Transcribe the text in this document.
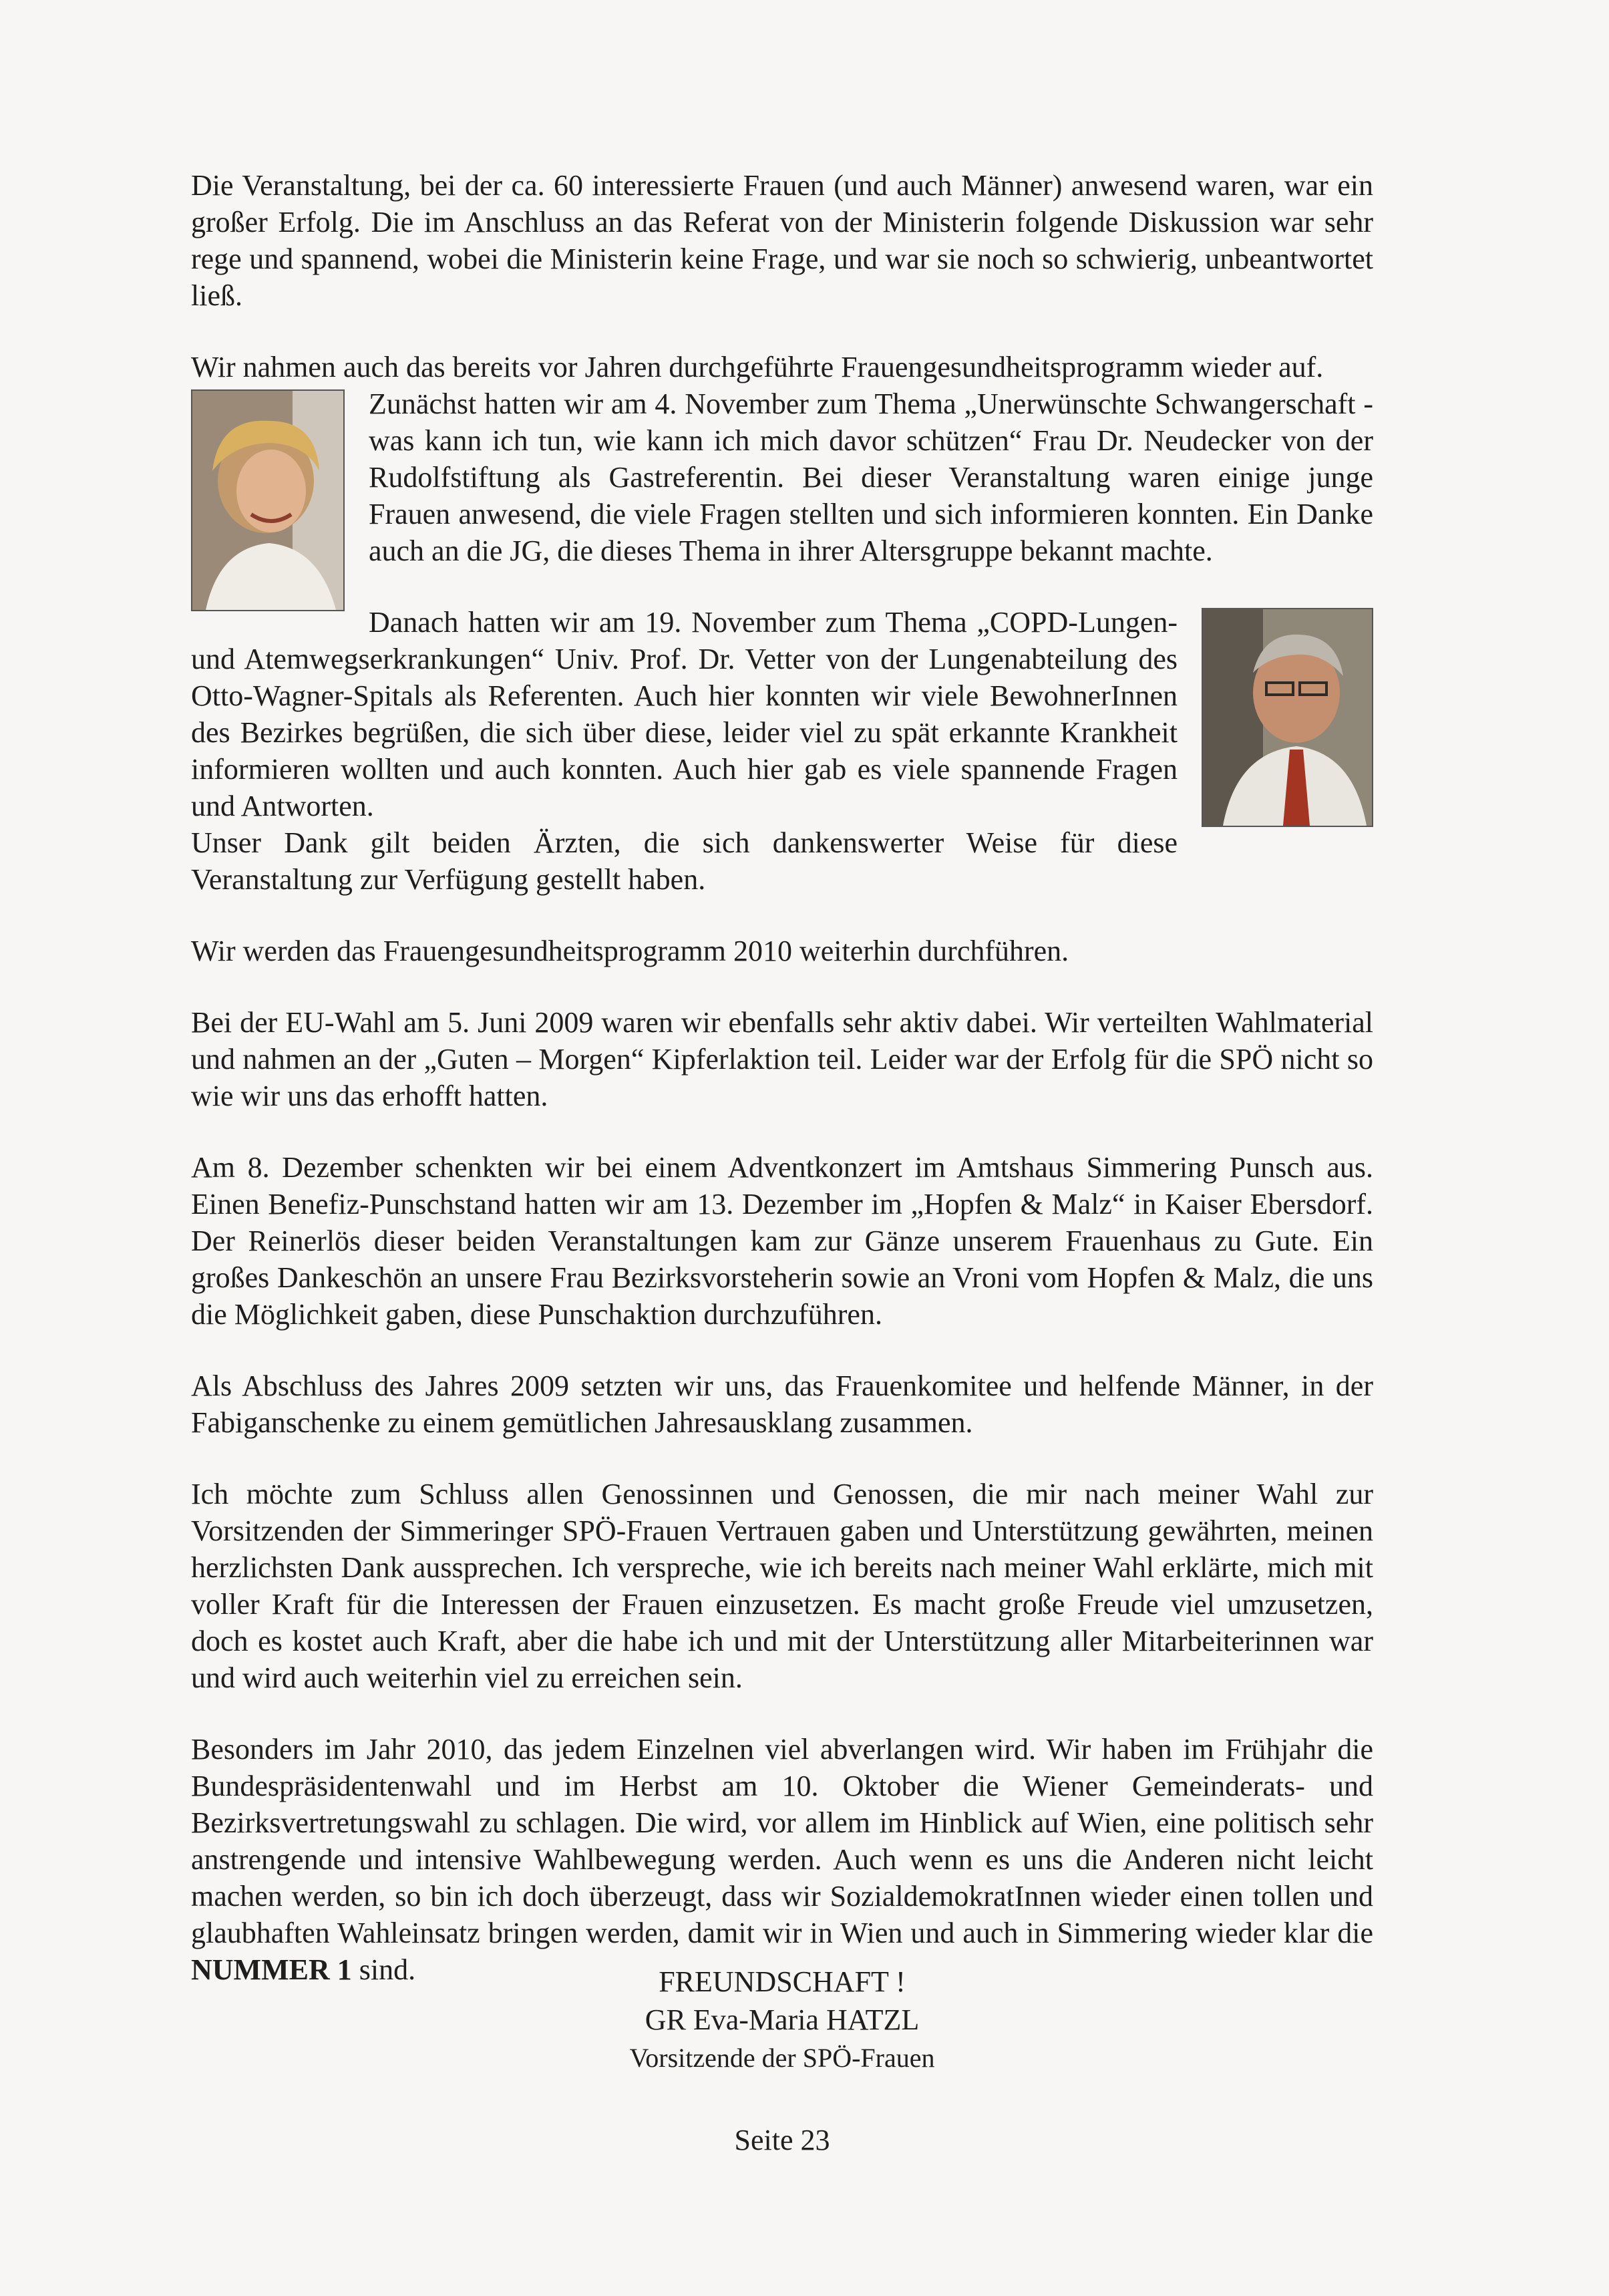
Die Veranstaltung, bei der ca. 60 interessierte Frauen (und auch Männer) anwesend waren, war ein großer Erfolg. Die im Anschluss an das Referat von der Ministerin folgende Diskussion war sehr rege und spannend, wobei die Ministerin keine Frage, und war sie noch so schwierig, unbeantwortet ließ.

Wir nahmen auch das bereits vor Jahren durchgeführte Frauengesundheitsprogramm wieder auf.

Zunächst hatten wir am 4. November zum Thema „Unerwünschte Schwangerschaft - was kann ich tun, wie kann ich mich davor schützen“ Frau Dr. Neudecker von der Rudolfstiftung als Gastreferentin. Bei dieser Veranstaltung waren einige junge Frauen anwesend, die viele Fragen stellten und sich informieren konnten. Ein Danke auch an die JG, die dieses Thema in ihrer Altersgruppe bekannt machte.

Danach hatten wir am 19. November zum Thema „COPD-Lungen- und Atemwegserkrankungen“ Univ. Prof. Dr. Vetter von der Lungenabteilung des Otto-Wagner-Spitals als Referenten. Auch hier konnten wir viele BewohnerInnen des Bezirkes begrüßen, die sich über diese, leider viel zu spät erkannte Krankheit informieren wollten und auch konnten. Auch hier gab es viele spannende Fragen und Antworten.

Unser Dank gilt beiden Ärzten, die sich dankenswerter Weise für diese Veranstaltung zur Verfügung gestellt haben.

Wir werden das Frauengesundheitsprogramm 2010 weiterhin durchführen.

Bei der EU-Wahl am 5. Juni 2009 waren wir ebenfalls sehr aktiv dabei. Wir verteilten Wahlmaterial und nahmen an der „Guten – Morgen“ Kipferlaktion teil. Leider war der Erfolg für die SPÖ nicht so wie wir uns das erhofft hatten.

Am 8. Dezember schenkten wir bei einem Adventkonzert im Amtshaus Simmering Punsch aus. Einen Benefiz-Punschstand hatten wir am 13. Dezember im „Hopfen & Malz“ in Kaiser Ebersdorf. Der Reinerlös dieser beiden Veranstaltungen kam zur Gänze unserem Frauenhaus zu Gute. Ein großes Dankeschön an unsere Frau Bezirksvorsteherin sowie an Vroni vom Hopfen & Malz, die uns die Möglichkeit gaben, diese Punschaktion durchzuführen.

Als Abschluss des Jahres 2009 setzten wir uns, das Frauenkomitee und helfende Männer, in der Fabiganschenke zu einem gemütlichen Jahresausklang zusammen.

Ich möchte zum Schluss allen Genossinnen und Genossen, die mir nach meiner Wahl zur Vorsitzenden der Simmeringer SPÖ-Frauen Vertrauen gaben und Unterstützung gewährten, meinen herzlichsten Dank aussprechen. Ich verspreche, wie ich bereits nach meiner Wahl erklärte, mich mit voller Kraft für die Interessen der Frauen einzusetzen. Es macht große Freude viel umzusetzen, doch es kostet auch Kraft, aber die habe ich und mit der Unterstützung aller Mitarbeiterinnen war und wird auch weiterhin viel zu erreichen sein.

Besonders im Jahr 2010, das jedem Einzelnen viel abverlangen wird. Wir haben im Frühjahr die Bundespräsidentenwahl und im Herbst am 10. Oktober die Wiener Gemeinderats- und Bezirksvertretungswahl zu schlagen. Die wird, vor allem im Hinblick auf Wien, eine politisch sehr anstrengende und intensive Wahlbewegung werden. Auch wenn es uns die Anderen nicht leicht machen werden, so bin ich doch überzeugt, dass wir SozialdemokratInnen wieder einen tollen und glaubhaften Wahleinsatz bringen werden, damit wir in Wien und auch in Simmering wieder klar die NUMMER 1 sind.	FREUNDSCHAFT !
GR Eva-Maria HATZL
Vorsitzende der SPÖ-Frauen
Seite 23
